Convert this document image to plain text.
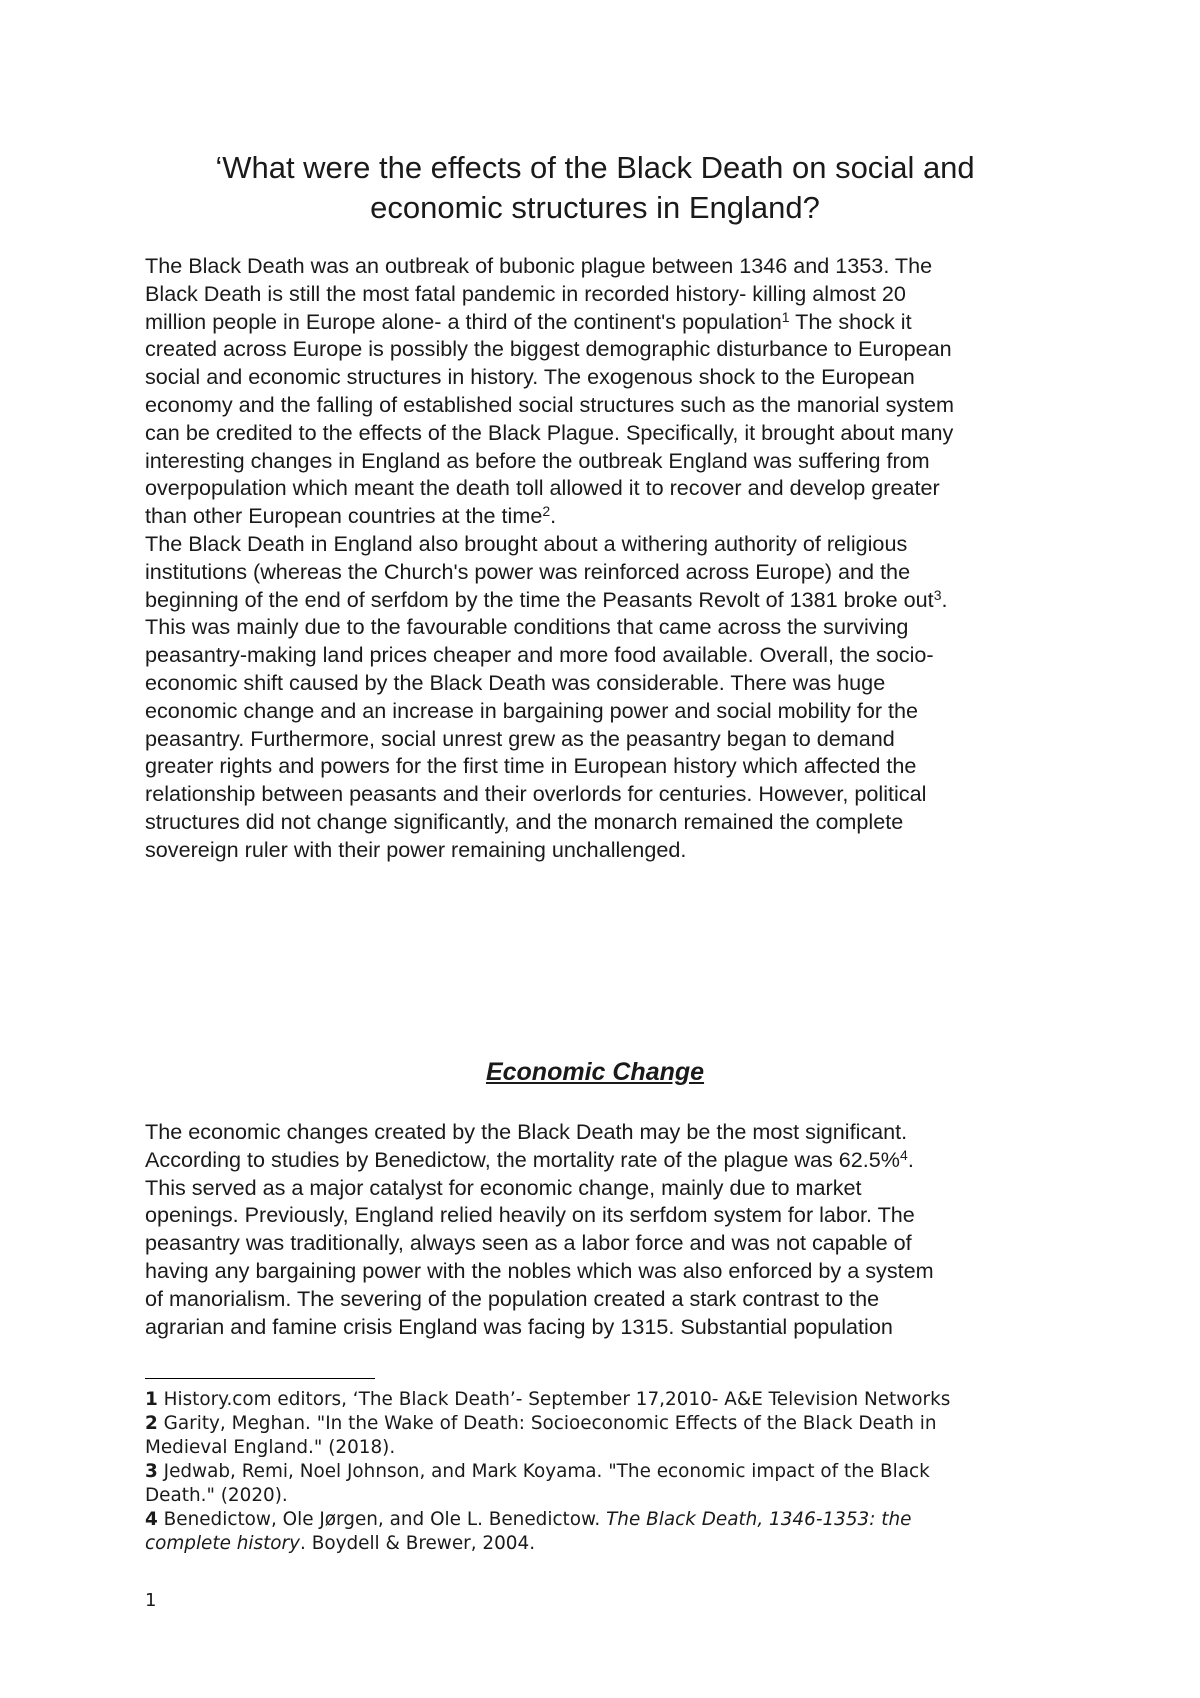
‘What were the effects of the Black Death on social and
economic structures in England?
The Black Death was an outbreak of bubonic plague between 1346 and 1353. The
Black Death is still the most fatal pandemic in recorded history- killing almost 20
million people in Europe alone- a third of the continent's population$^1$ The shock it
created across Europe is possibly the biggest demographic disturbance to European
social and economic structures in history. The exogenous shock to the European
economy and the falling of established social structures such as the manorial system
can be credited to the effects of the Black Plague. Specifically, it brought about many
interesting changes in England as before the outbreak England was suffering from
overpopulation which meant the death toll allowed it to recover and develop greater
than other European countries at the time$^2$.
The Black Death in England also brought about a withering authority of religious
institutions (whereas the Church's power was reinforced across Europe) and the
beginning of the end of serfdom by the time the Peasants Revolt of 1381 broke out$^3$.
This was mainly due to the favourable conditions that came across the surviving
peasantry-making land prices cheaper and more food available. Overall, the socio-
economic shift caused by the Black Death was considerable. There was huge
economic change and an increase in bargaining power and social mobility for the
peasantry. Furthermore, social unrest grew as the peasantry began to demand
greater rights and powers for the first time in European history which affected the
relationship between peasants and their overlords for centuries. However, political
structures did not change significantly, and the monarch remained the complete
sovereign ruler with their power remaining unchallenged.
Economic Change
The economic changes created by the Black Death may be the most significant.
According to studies by Benedictow, the mortality rate of the plague was 62.5%$^4$.
This served as a major catalyst for economic change, mainly due to market
openings. Previously, England relied heavily on its serfdom system for labor. The
peasantry was traditionally, always seen as a labor force and was not capable of
having any bargaining power with the nobles which was also enforced by a system
of manorialism. The severing of the population created a stark contrast to the
agrarian and famine crisis England was facing by 1315. Substantial population
1 History.com editors, ‘The Black Death’- September 17,2010- A&E Television Networks
2 Garity, Meghan. "In the Wake of Death: Socioeconomic Effects of the Black Death in
Medieval England." (2018).
3 Jedwab, Remi, Noel Johnson, and Mark Koyama. "The economic impact of the Black
Death." (2020).
4 Benedictow, Ole Jørgen, and Ole L. Benedictow. The Black Death, 1346-1353: the
complete history. Boydell & Brewer, 2004.
1
